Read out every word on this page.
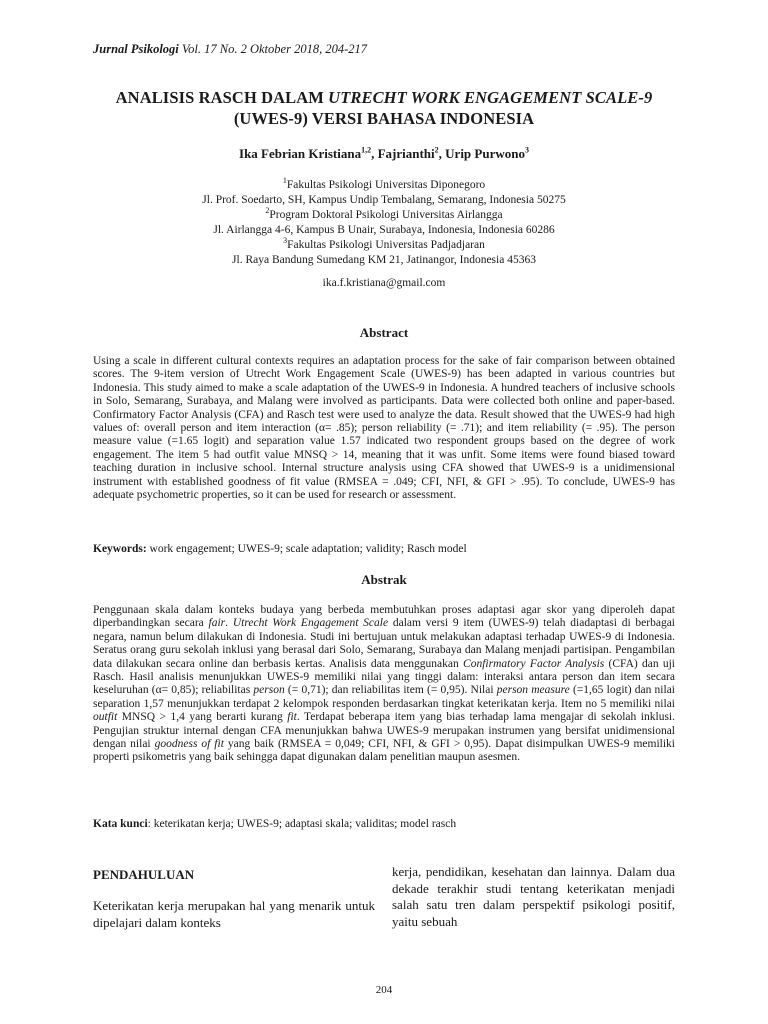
Jurnal Psikologi Vol. 17 No. 2 Oktober 2018, 204-217
ANALISIS RASCH DALAM UTRECHT WORK ENGAGEMENT SCALE-9
(UWES-9) VERSI BAHASA INDONESIA
Ika Febrian Kristiana$^{1,2}$, Fajrianthi$^2$, Urip Purwono$^3$
$^1$Fakultas Psikologi Universitas Diponegoro
Jl. Prof. Soedarto, SH, Kampus Undip Tembalang, Semarang, Indonesia 50275
$^2$Program Doktoral Psikologi Universitas Airlangga
Jl. Airlangga 4-6, Kampus B Unair, Surabaya, Indonesia, Indonesia 60286
$^3$Fakultas Psikologi Universitas Padjadjaran
Jl. Raya Bandung Sumedang KM 21, Jatinangor, Indonesia 45363
ika.f.kristiana@gmail.com
Abstract
Using a scale in different cultural contexts requires an adaptation process for the sake of fair comparison between obtained scores. The 9-item version of Utrecht Work Engagement Scale (UWES-9) has been adapted in various countries but Indonesia. This study aimed to make a scale adaptation of the UWES-9 in Indonesia. A hundred teachers of inclusive schools in Solo, Semarang, Surabaya, and Malang were involved as participants. Data were collected both online and paper-based. Confirmatory Factor Analysis (CFA) and Rasch test were used to analyze the data. Result showed that the UWES-9 had high values of: overall person and item interaction (α= .85); person reliability (= .71); and item reliability (= .95). The person measure value (=1.65 logit) and separation value 1.57 indicated two respondent groups based on the degree of work engagement. The item 5 had outfit value MNSQ > 14, meaning that it was unfit. Some items were found biased toward teaching duration in inclusive school. Internal structure analysis using CFA showed that UWES-9 is a unidimensional instrument with established goodness of fit value (RMSEA = .049; CFI, NFI, & GFI > .95). To conclude, UWES-9 has adequate psychometric properties, so it can be used for research or assessment.
Keywords: work engagement; UWES-9; scale adaptation; validity; Rasch model
Abstrak
Penggunaan skala dalam konteks budaya yang berbeda membutuhkan proses adaptasi agar skor yang diperoleh dapat diperbandingkan secara fair. Utrecht Work Engagement Scale dalam versi 9 item (UWES-9) telah diadaptasi di berbagai negara, namun belum dilakukan di Indonesia. Studi ini bertujuan untuk melakukan adaptasi terhadap UWES-9 di Indonesia. Seratus orang guru sekolah inklusi yang berasal dari Solo, Semarang, Surabaya dan Malang menjadi partisipan. Pengambilan data dilakukan secara online dan berbasis kertas. Analisis data menggunakan Confirmatory Factor Analysis (CFA) dan uji Rasch. Hasil analisis menunjukkan UWES-9 memiliki nilai yang tinggi dalam: interaksi antara person dan item secara keseluruhan (α= 0,85); reliabilitas person (= 0,71); dan reliabilitas item (= 0,95). Nilai person measure (=1,65 logit) dan nilai separation 1,57 menunjukkan terdapat 2 kelompok responden berdasarkan tingkat keterikatan kerja. Item no 5 memiliki nilai outfit MNSQ > 1,4 yang berarti kurang fit. Terdapat beberapa item yang bias terhadap lama mengajar di sekolah inklusi. Pengujian struktur internal dengan CFA menunjukkan bahwa UWES-9 merupakan instrumen yang bersifat unidimensional dengan nilai goodness of fit yang baik (RMSEA = 0,049; CFI, NFI, & GFI > 0,95). Dapat disimpulkan UWES-9 memiliki properti psikometris yang baik sehingga dapat digunakan dalam penelitian maupun asesmen.
Kata kunci: keterikatan kerja; UWES-9; adaptasi skala; validitas; model rasch
PENDAHULUAN
Keterikatan kerja merupakan hal yang menarik untuk dipelajari dalam konteks
kerja, pendidikan, kesehatan dan lainnya. Dalam dua dekade terakhir studi tentang keterikatan menjadi salah satu tren dalam perspektif psikologi positif, yaitu sebuah
204
